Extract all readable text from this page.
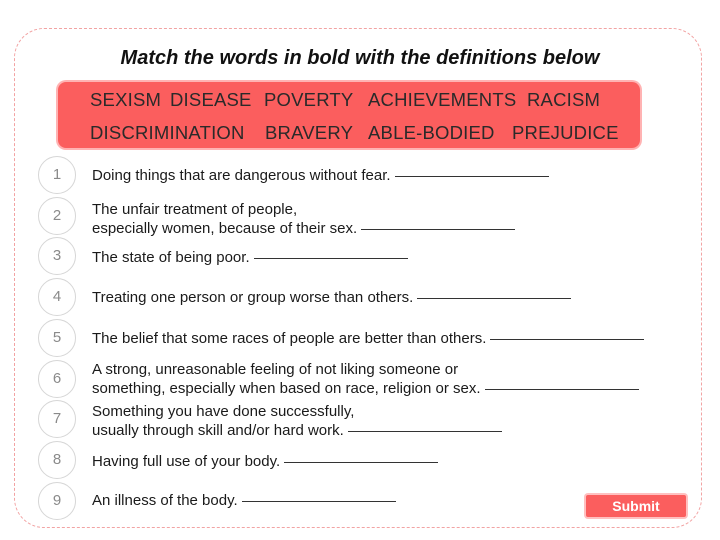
Match the words in bold with the definitions below
SEXISM DISEASE POVERTY ACHIEVEMENTS RACISM
DISCRIMINATION BRAVERY ABLE-BODIED PREJUDICE
1	Doing things that are dangerous without fear.
2	The unfair treatment of people,
especially women, because of their sex.
3	The state of being poor.
4	Treating one person or group worse than others.
5	The belief that some races of people are better than others.
6
A strong, unreasonable feeling of not liking someone or
something, especially when based on race, religion or sex.
7	Something you have done successfully,
usually through skill and/or hard work.
8	Having full use of your body.
9	An illness of the body.	Submit
